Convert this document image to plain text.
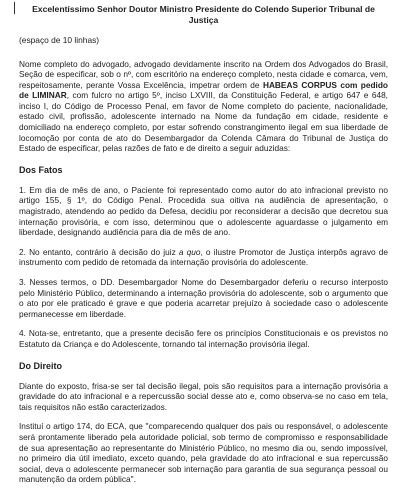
Excelentíssimo Senhor Doutor Ministro Presidente do Colendo Superior Tribunal de Justiça

(espaço de 10 linhas)

Nome completo do advogado, advogado devidamente inscrito na Ordem dos Advogados do Brasil, Seção de especificar, sob o nº, com escritório na endereço completo, nesta cidade e comarca, vem, respeitosamente, perante Vossa Excelência, impetrar ordem de HABEAS CORPUS com pedido de LIMINAR, com fulcro no artigo 5º, inciso LXVIII, da Constituição Federal, e artigo 647 e 648, inciso I, do Código de Processo Penal, em favor de Nome completo do paciente, nacionalidade, estado civil, profissão, adolescente internado na Nome da fundação em cidade, residente e domiciliado na endereço completo, por estar sofrendo constrangimento ilegal em sua liberdade de locomoção por conta de ato do Desembargador da Colenda Câmara do Tribunal de Justiça do Estado de especificar, pelas razões de fato e de direito a seguir aduzidas:

Dos Fatos

1. Em dia de mês de ano, o Paciente foi representado como autor do ato infracional previsto no artigo 155, § 1º, do Código Penal. Procedida sua oitiva na audiência de apresentação, o magistrado, atendendo ao pedido da Defesa, decidiu por reconsiderar a decisão que decretou sua internação provisória, e com isso, determinou que o adolescente aguardasse o julgamento em liberdade, designando audiência para dia de mês de ano.

2. No entanto, contrário à decisão do juiz a quo, o ilustre Promotor de Justiça interpôs agravo de instrumento com pedido de retomada da internação provisória do adolescente.

3. Nesses termos, o DD. Desembargador Nome do Desembargador deferiu o recurso interposto pelo Ministério Público, determinando a internação provisória do adolescente, sob o argumento que o ato por ele praticado é grave e que poderia acarretar prejuízo à sociedade caso o adolescente permanecesse em liberdade.

4. Nota-se, entretanto, que a presente decisão fere os princípios Constitucionais e os previstos no Estatuto da Criança e do Adolescente, tornando tal internação provisória ilegal.

Do Direito

Diante do exposto, frisa-se ser tal decisão ilegal, pois são requisitos para a internação provisória a gravidade do ato infracional e a repercussão social desse ato e, como observa-se no caso em tela, tais requisitos não estão caracterizados.

Instituí o artigo 174, do ECA, que "comparecendo qualquer dos pais ou responsável, o adolescente será prontamente liberado pela autoridade policial, sob termo de compromisso e responsabilidade de sua apresentação ao representante do Ministério Público, no mesmo dia ou, sendo impossível, no primeiro dia útil imediato, exceto quando, pela gravidade do ato infracional e sua repercussão social, deva o adolescente permanecer sob internação para garantia de sua segurança pessoal ou manutenção da ordem pública".
